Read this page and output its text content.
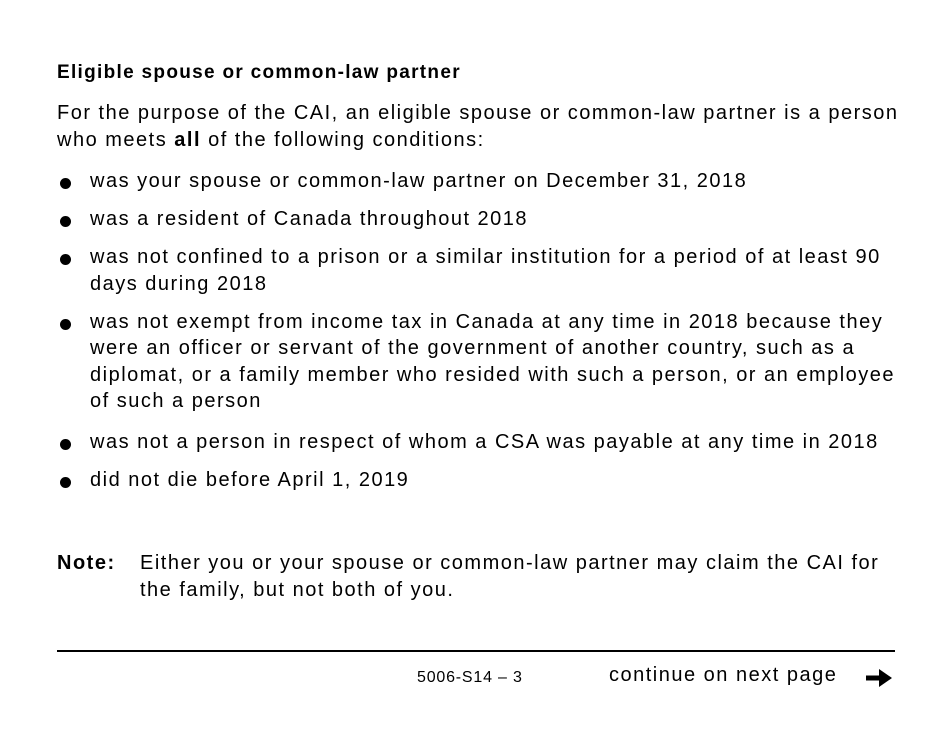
Eligible spouse or common-law partner
For the purpose of the CAI, an eligible spouse or common-law partner is a person who meets all of the following conditions:
was your spouse or common-law partner on December 31, 2018
was a resident of Canada throughout 2018
was not confined to a prison or a similar institution for a period of at least 90 days during 2018
was not exempt from income tax in Canada at any time in 2018 because they were an officer or servant of the government of another country, such as a diplomat, or a family member who resided with such a person, or an employee of such a person
was not a person in respect of whom a CSA was payable at any time in 2018
did not die before April 1, 2019
Note: Either you or your spouse or common-law partner may claim the CAI for the family, but not both of you.
5006-S14 – 3	continue on next page
